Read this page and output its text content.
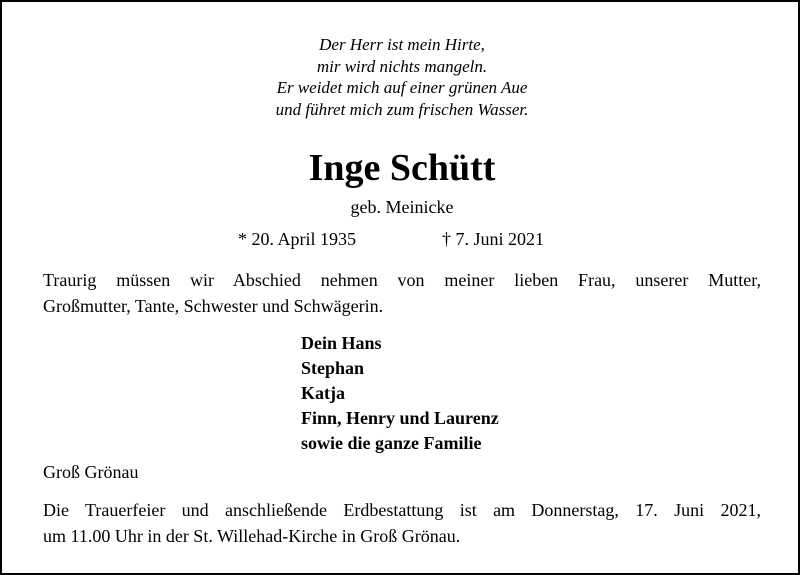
Der Herr ist mein Hirte,
mir wird nichts mangeln.
Er weidet mich auf einer grünen Aue
und führet mich zum frischen Wasser.
Inge Schütt
geb. Meinicke
* 20. April 1935	† 7. Juni 2021
Traurig müssen wir Abschied nehmen von meiner lieben Frau, unserer Mutter,
Großmutter, Tante, Schwester und Schwägerin.
Dein Hans
Stephan
Katja
Finn, Henry und Laurenz
sowie die ganze Familie
Groß Grönau
Die Trauerfeier und anschließende Erdbestattung ist am Donnerstag, 17. Juni 2021,
um 11.00 Uhr in der St. Willehad-Kirche in Groß Grönau.
